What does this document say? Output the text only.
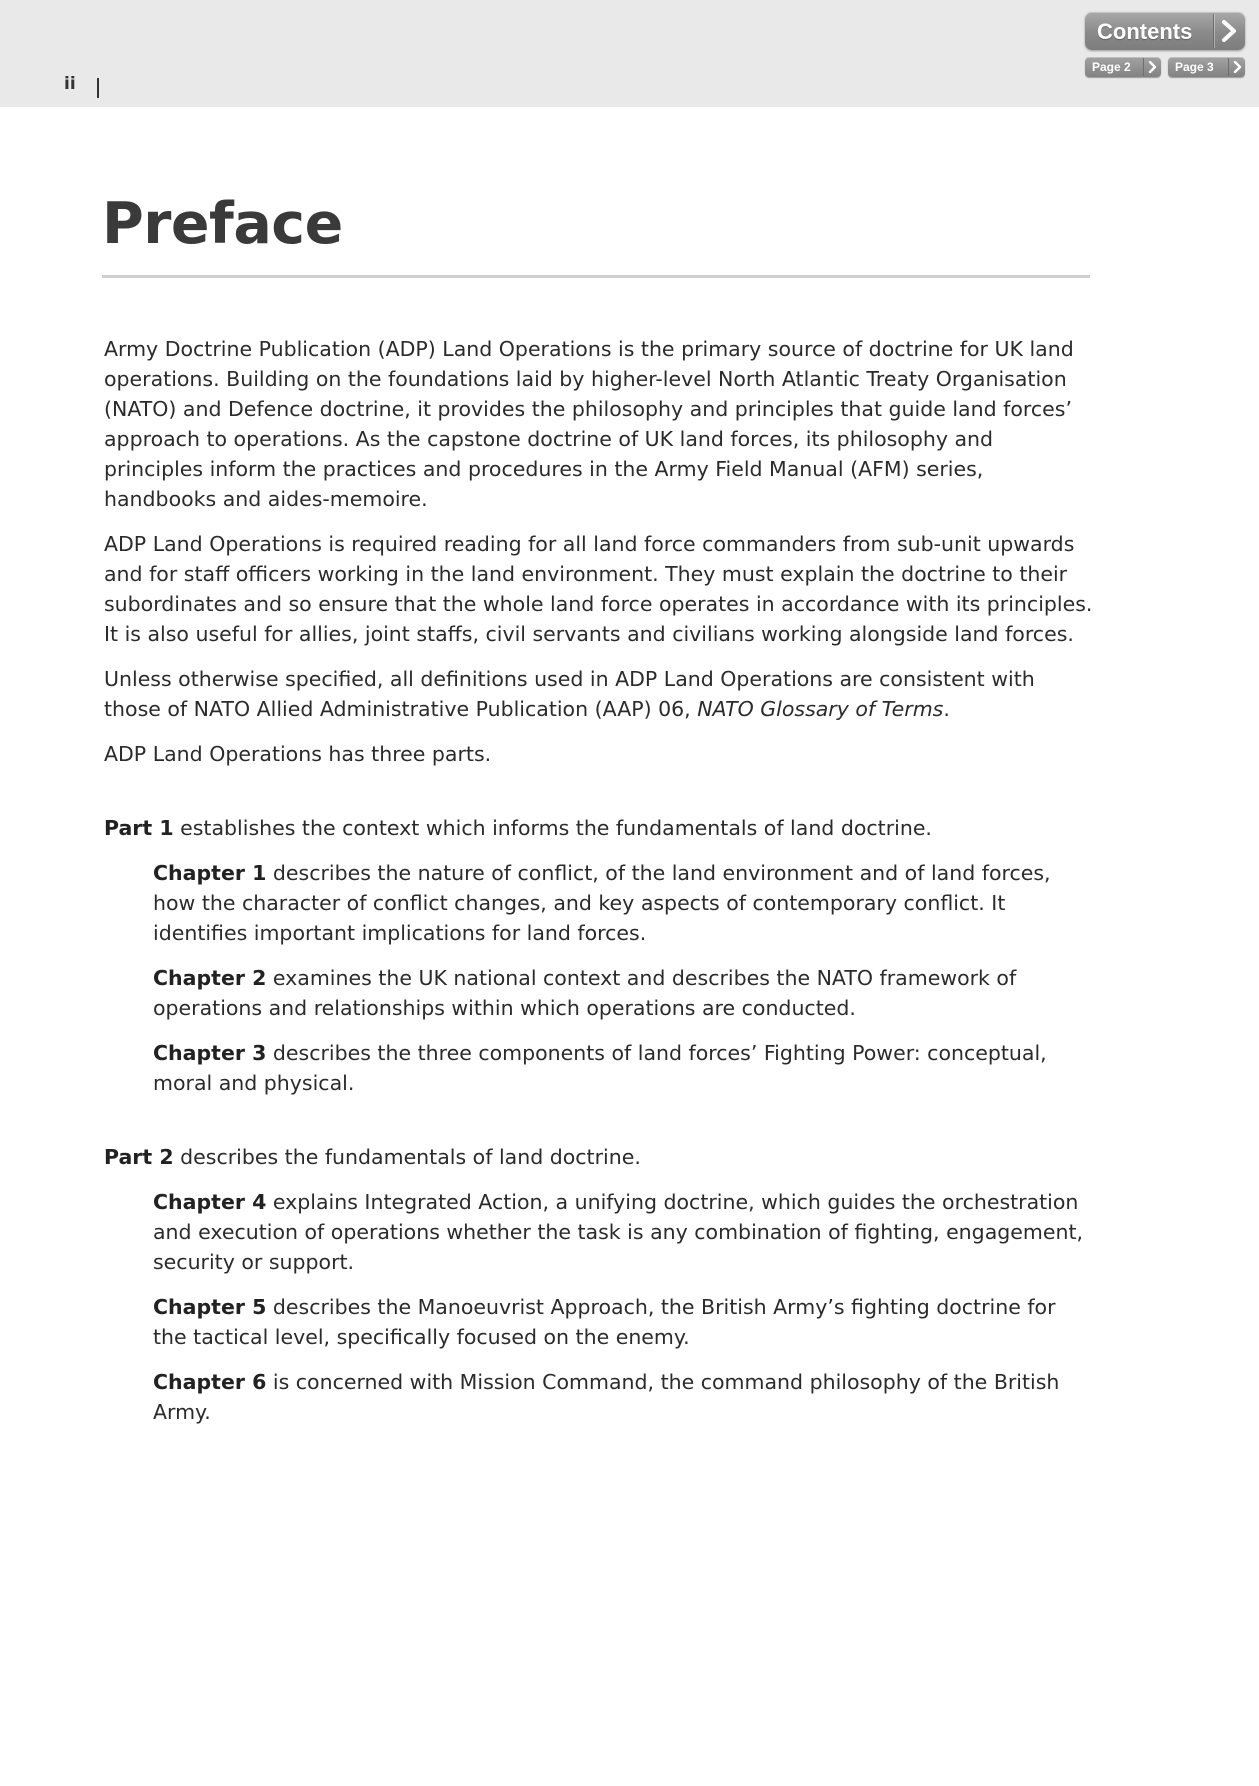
ii
Contents
Page 2	Page 3
Preface

Army Doctrine Publication (ADP) Land Operations is the primary source of doctrine for UK land operations. Building on the foundations laid by higher-level North Atlantic Treaty Organisation (NATO) and Defence doctrine, it provides the philosophy and principles that guide land forces’ approach to operations. As the capstone doctrine of UK land forces, its philosophy and principles inform the practices and procedures in the Army Field Manual (AFM) series, handbooks and aides-memoire.

ADP Land Operations is required reading for all land force commanders from sub-unit upwards and for staff officers working in the land environment. They must explain the doctrine to their subordinates and so ensure that the whole land force operates in accordance with its principles. It is also useful for allies, joint staffs, civil servants and civilians working alongside land forces.

Unless otherwise specified, all definitions used in ADP Land Operations are consistent with those of NATO Allied Administrative Publication (AAP) 06, NATO Glossary of Terms.

ADP Land Operations has three parts.

Part 1 establishes the context which informs the fundamentals of land doctrine.

Chapter 1 describes the nature of conflict, of the land environment and of land forces, how the character of conflict changes, and key aspects of contemporary conflict. It identifies important implications for land forces.

Chapter 2 examines the UK national context and describes the NATO framework of operations and relationships within which operations are conducted.

Chapter 3 describes the three components of land forces’ Fighting Power: conceptual, moral and physical.

Part 2 describes the fundamentals of land doctrine.

Chapter 4 explains Integrated Action, a unifying doctrine, which guides the orchestration and execution of operations whether the task is any combination of fighting, engagement, security or support.

Chapter 5 describes the Manoeuvrist Approach, the British Army’s fighting doctrine for the tactical level, specifically focused on the enemy.

Chapter 6 is concerned with Mission Command, the command philosophy of the British Army.
